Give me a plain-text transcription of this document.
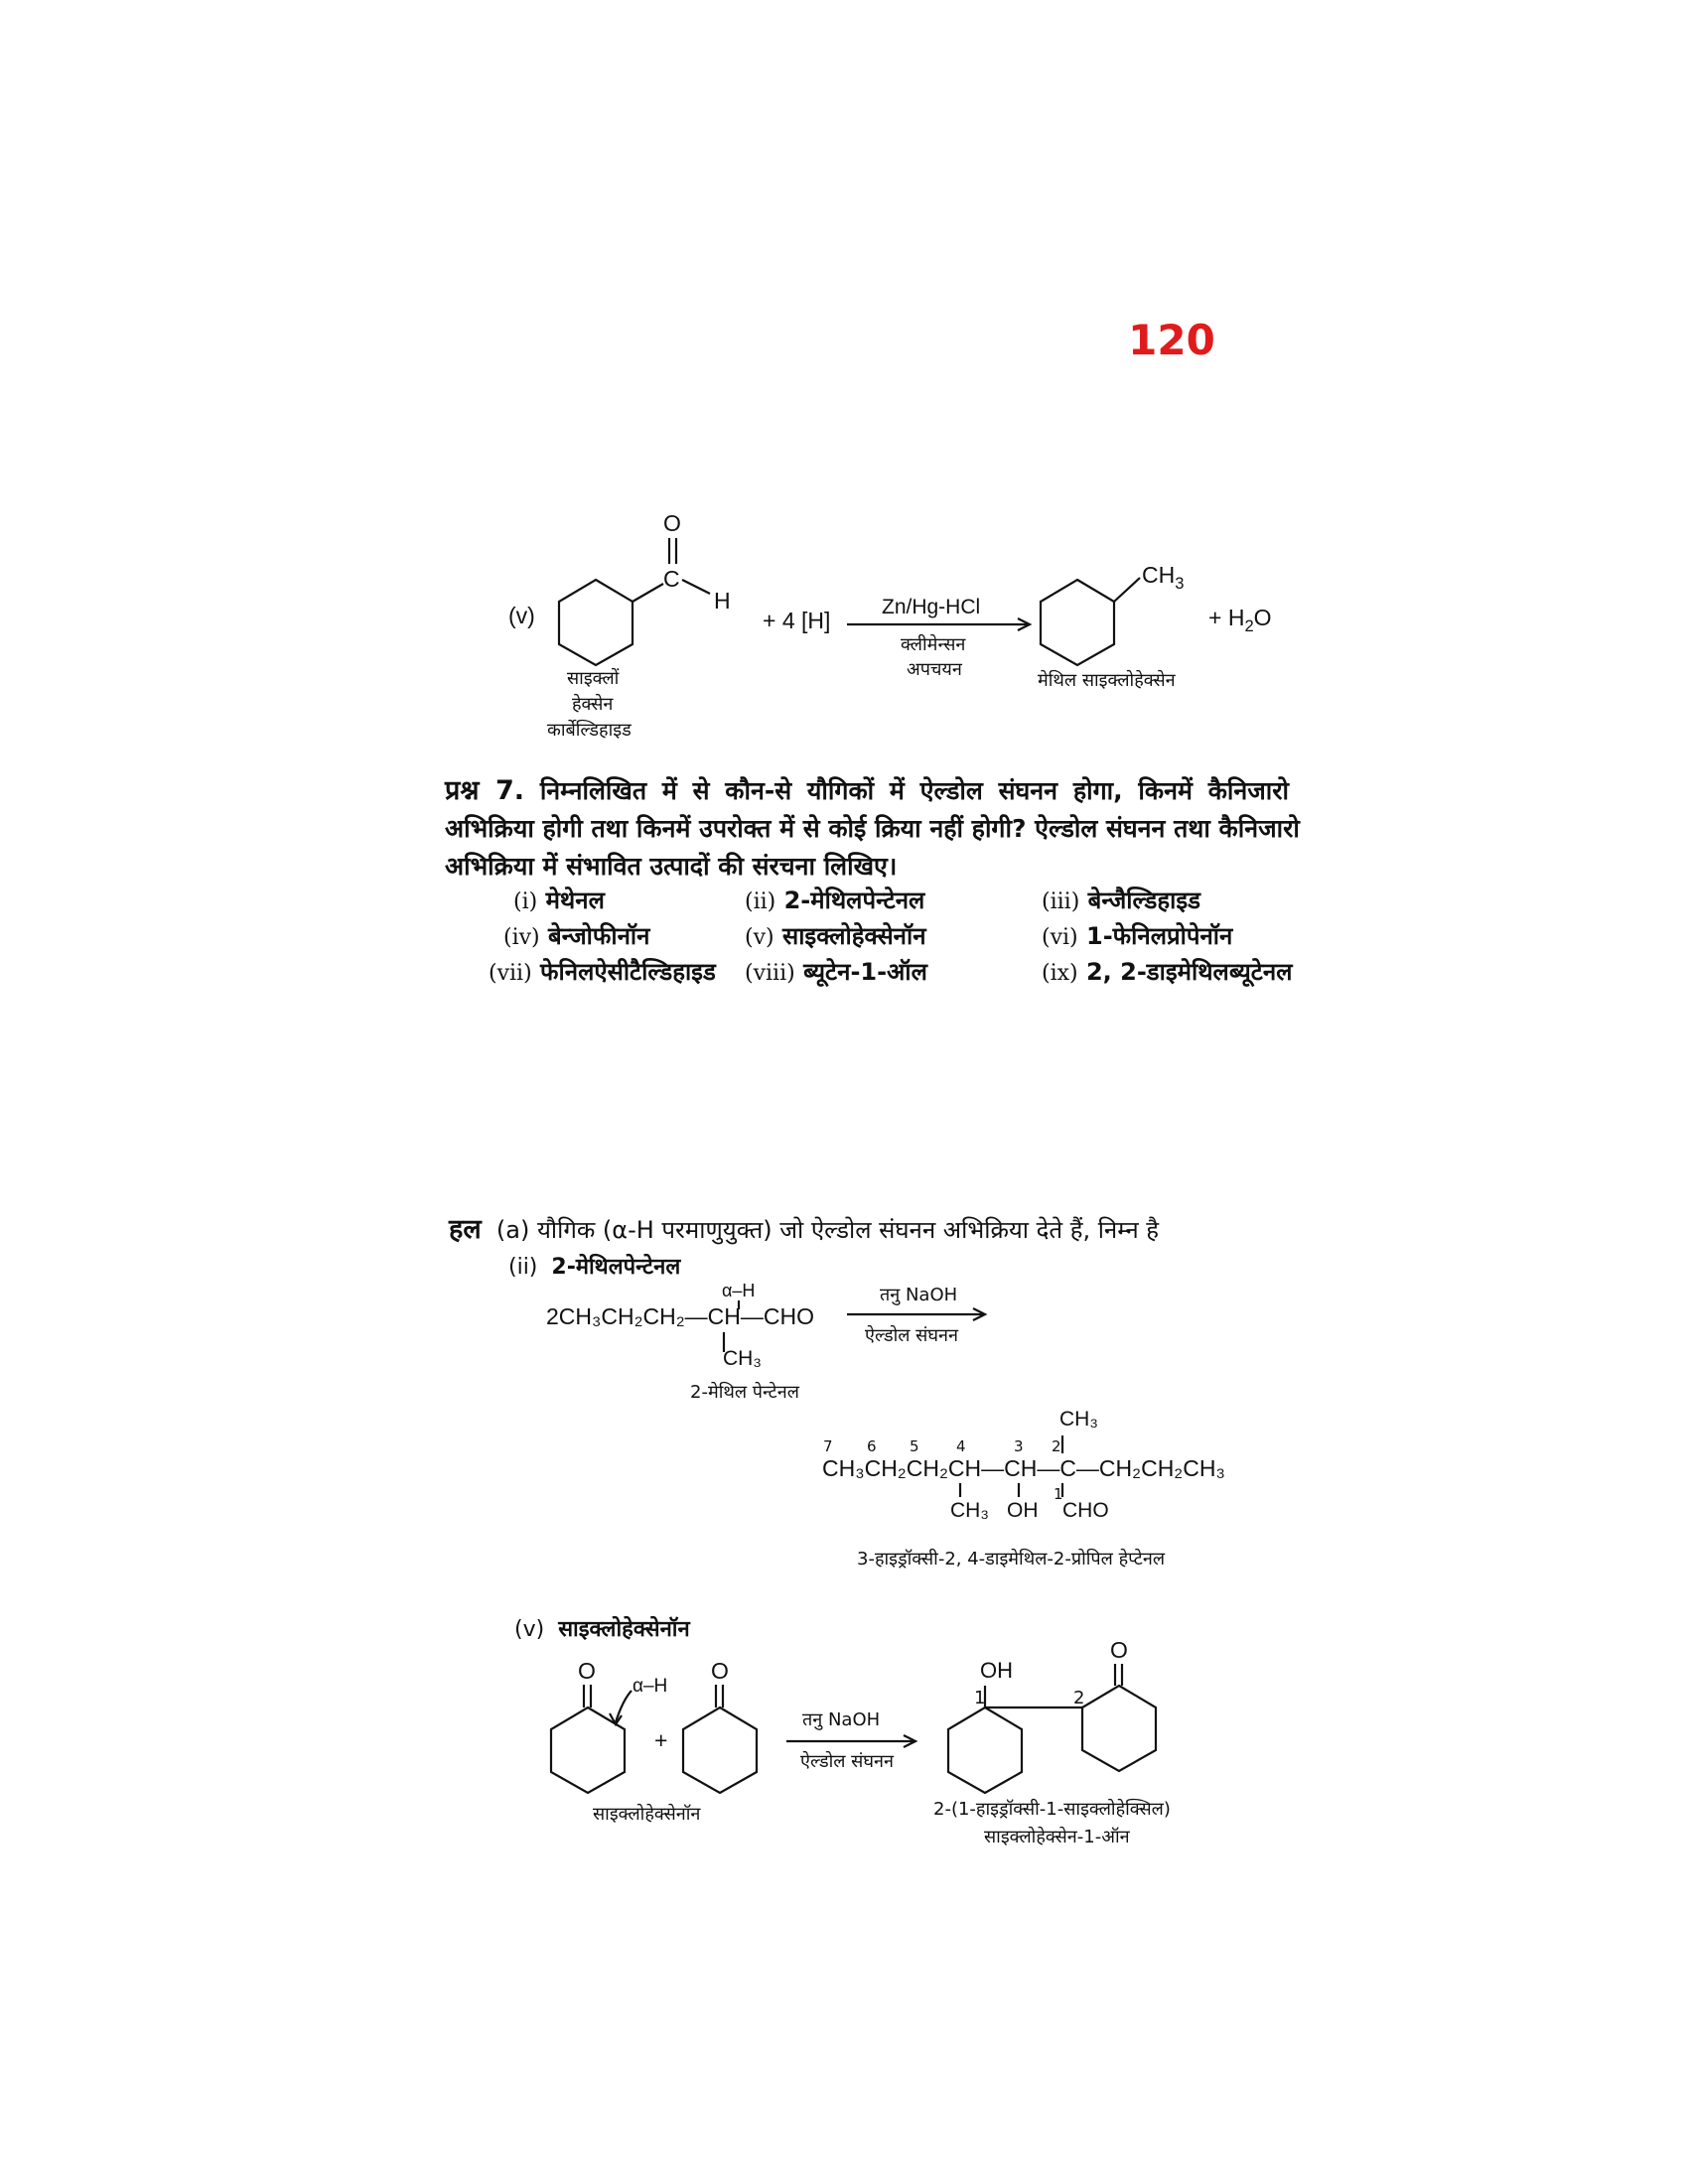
120
(v)
O
C
H
+ 4 [H]
Zn/Hg-HCl
क्लीमेन्सन
अपचयन
$CH_3$
+ $H_2O$
साइक्लों
हेक्सेन
कार्बेल्डिहाइड
मेथिल साइक्लोहेक्सेन
प्रश्न 7. निम्नलिखित में से कौन-से यौगिकों में ऐल्डोल संघनन होगा, किनमें कैनिजारो
अभिक्रिया होगी तथा किनमें उपरोक्त में से कोई क्रिया नहीं होगी? ऐल्डोल संघनन तथा कैनिजारो
अभिक्रिया में संभावित उत्पादों की संरचना लिखिए।
(i) मेथेनल	(ii) 2-मेथिलपेन्टेनल	(iii) बेन्जैल्डिहाइड
(iv) बेन्जोफीनॉन	(v) साइक्लोहेक्सेनॉन	(vi) 1-फेनिलप्रोपेनॉन
(vii) फेनिलऐसीटैल्डिहाइड (viii) ब्यूटेन-1-ऑल	(ix) 2, 2-डाइमेथिलब्यूटेनल
हल (a) यौगिक (α-H परमाणुयुक्त) जो ऐल्डोल संघनन अभिक्रिया देते हैं, निम्न है
(ii) 2-मेथिलपेन्टेनल
α–H
2CH₃CH₂CH₂—CH—CHO
CH₃
तनु NaOH
ऐल्डोल संघनन
2-मेथिल पेन्टेनल
CH₃
7 6 5 4	3 2
CH₃CH₂CH₂CH—CH—C—CH₂CH₂CH₃
CH₃ OH
1
CHO
3-हाइड्रॉक्सी-2, 4-डाइमेथिल-2-प्रोपिल हेप्टेनल
(v) साइक्लोहेक्सेनॉन
O
α–H
+
O
तनु NaOH
ऐल्डोल संघनन
OH
1	2
O
साइक्लोहेक्सेनॉन	2-(1-हाइड्रॉक्सी-1-साइक्लोहेक्सिल)
साइक्लोहेक्सेन-1-ऑन
